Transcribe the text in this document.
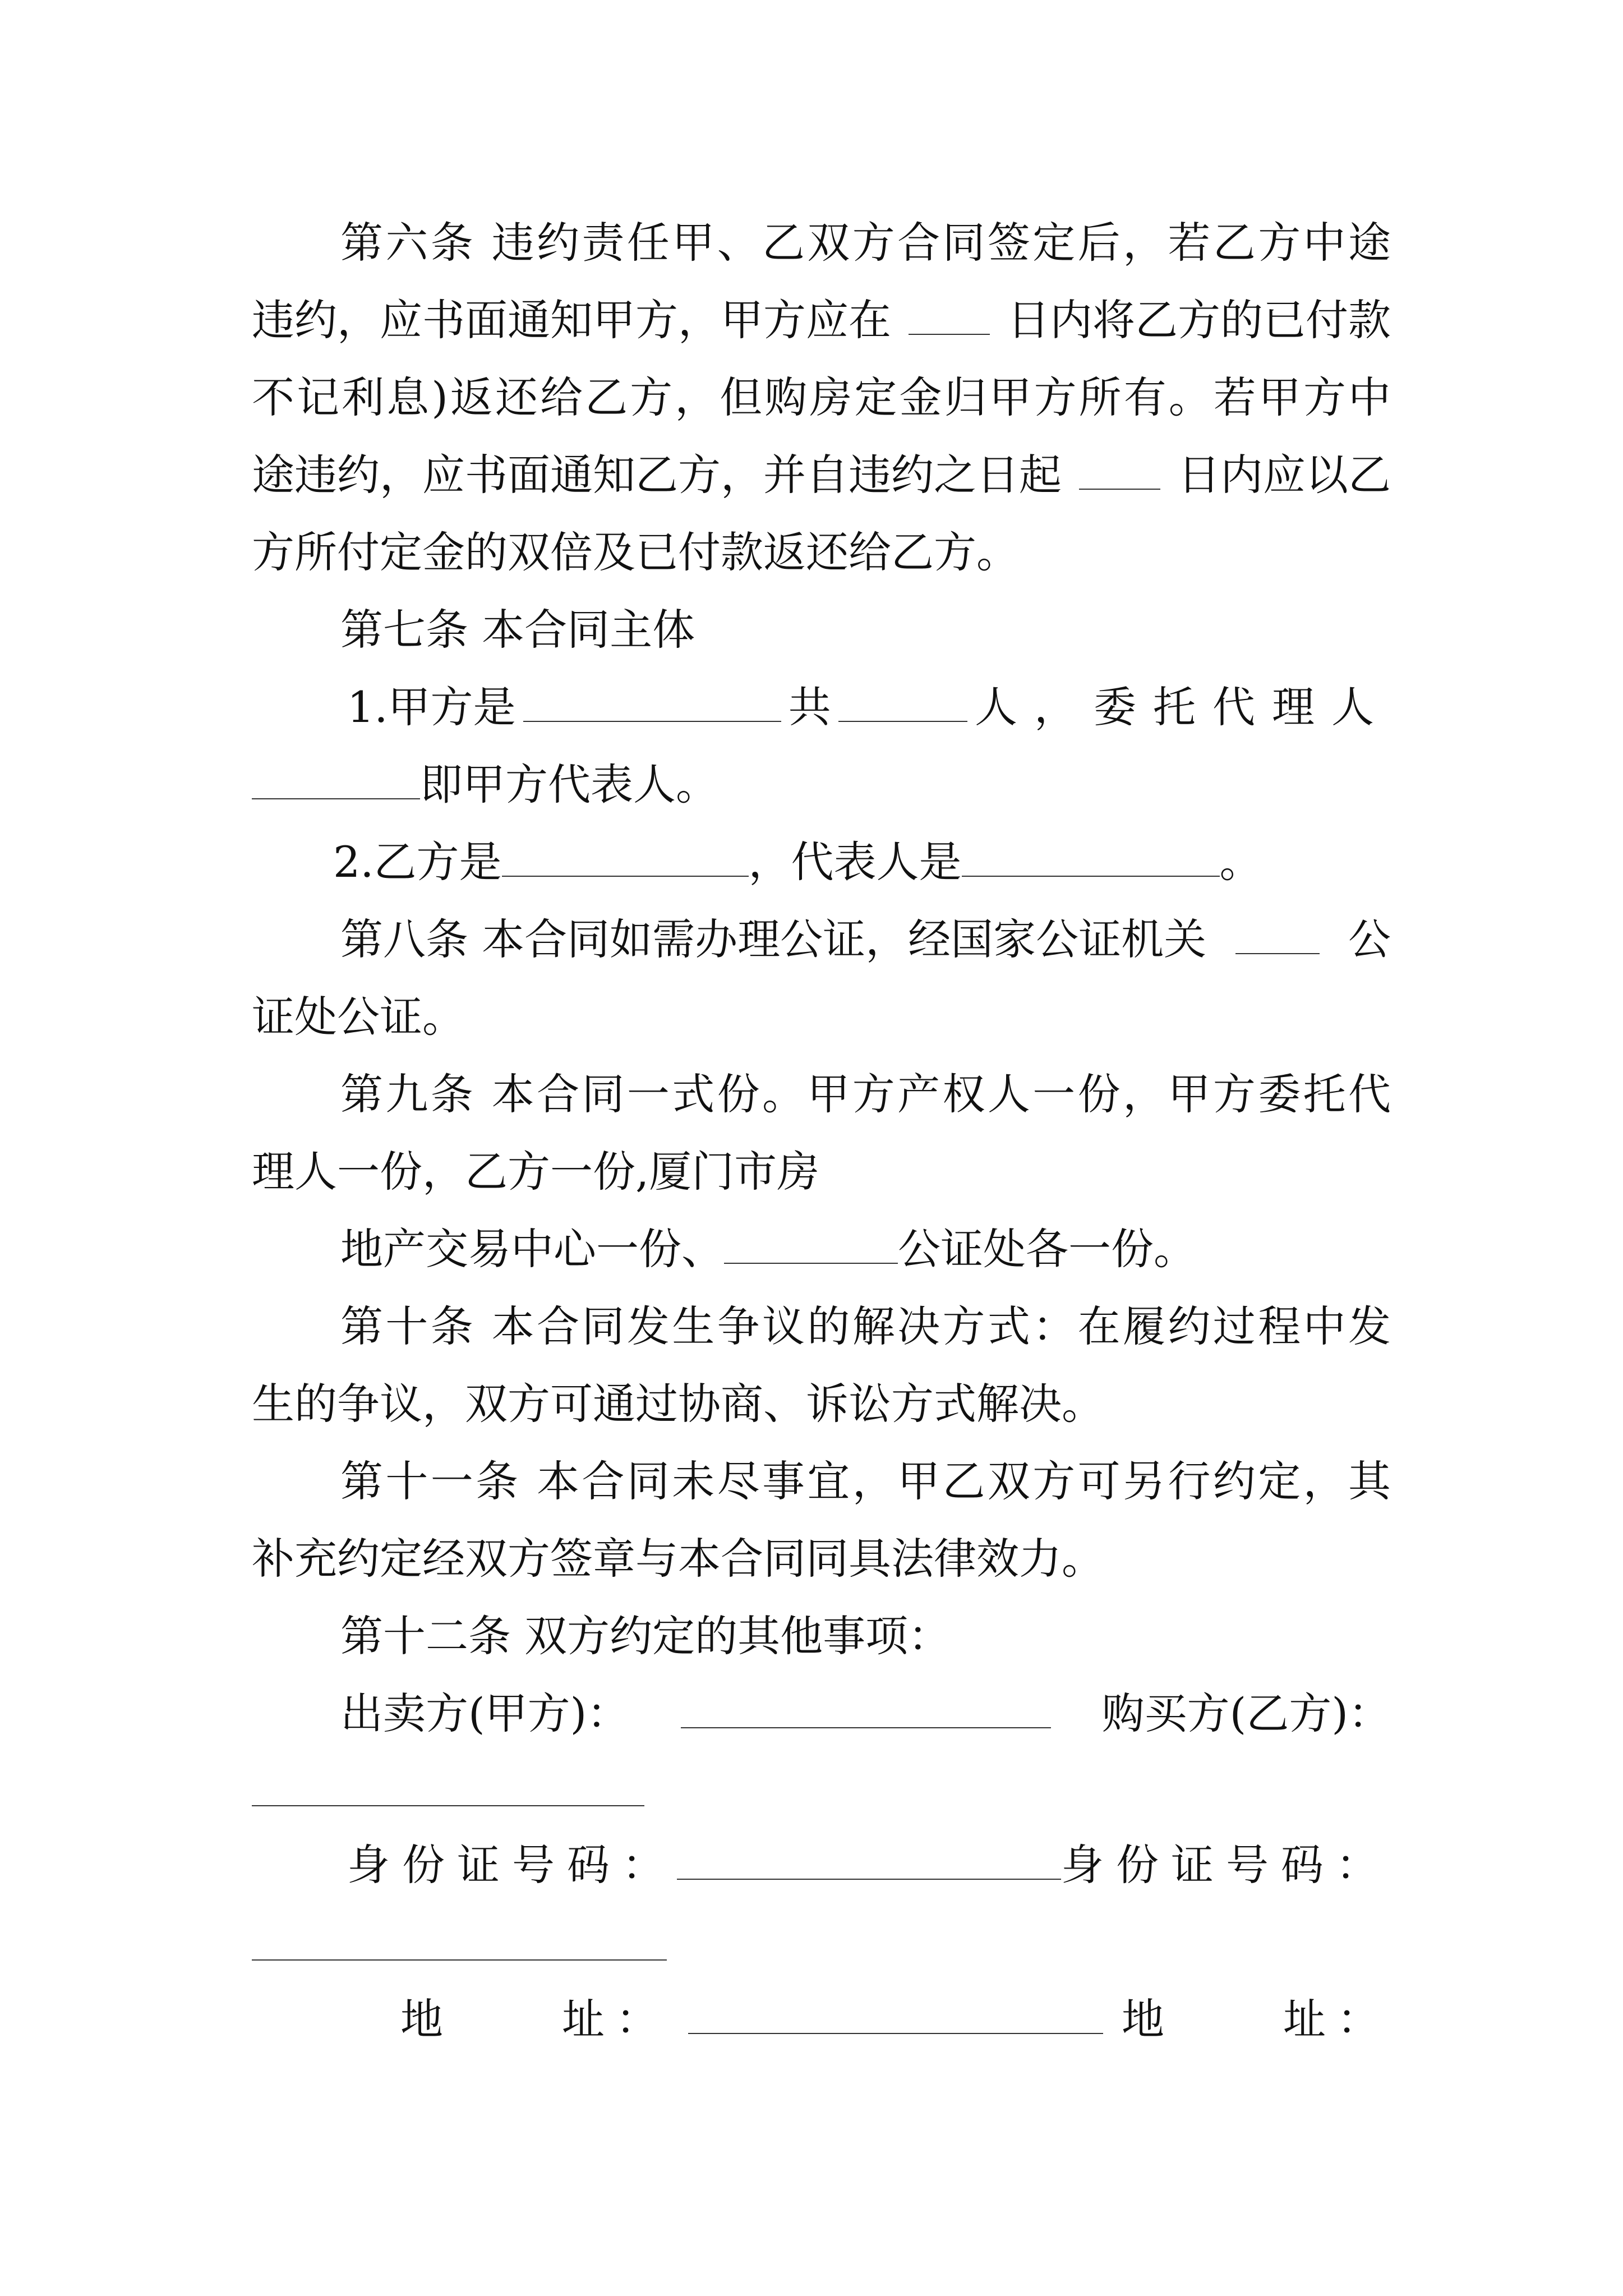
第六条 违约责任甲、乙双方合同签定后，若乙方中途
违约，应书面通知甲方，甲方应在	日内将乙方的已付款
不记利息)返还给乙方，但购房定金归甲方所有。若甲方中
途违约，应书面通知乙方，并自违约之日起	日内应以乙
方所付定金的双倍及已付款返还给乙方。
第七条 本合同主体
1.甲方是	共	人，委托代理人
即甲方代表人。
2.乙方是	，代表人是	。
第八条 本合同如需办理公证，经国家公证机关	公
证处公证。
第九条 本合同一式份。甲方产权人一份，甲方委托代
理人一份，乙方一份,厦门市房
地产交易中心一份、	公证处各一份。
第十条 本合同发生争议的解决方式：在履约过程中发
生的争议，双方可通过协商、诉讼方式解决。
第十一条 本合同未尽事宜，甲乙双方可另行约定，其
补充约定经双方签章与本合同同具法律效力。
第十二条 双方约定的其他事项：
出卖方(甲方)：	购买方(乙方)：
身份证号码：	身份证号码：
地　　址：	地　　址：
